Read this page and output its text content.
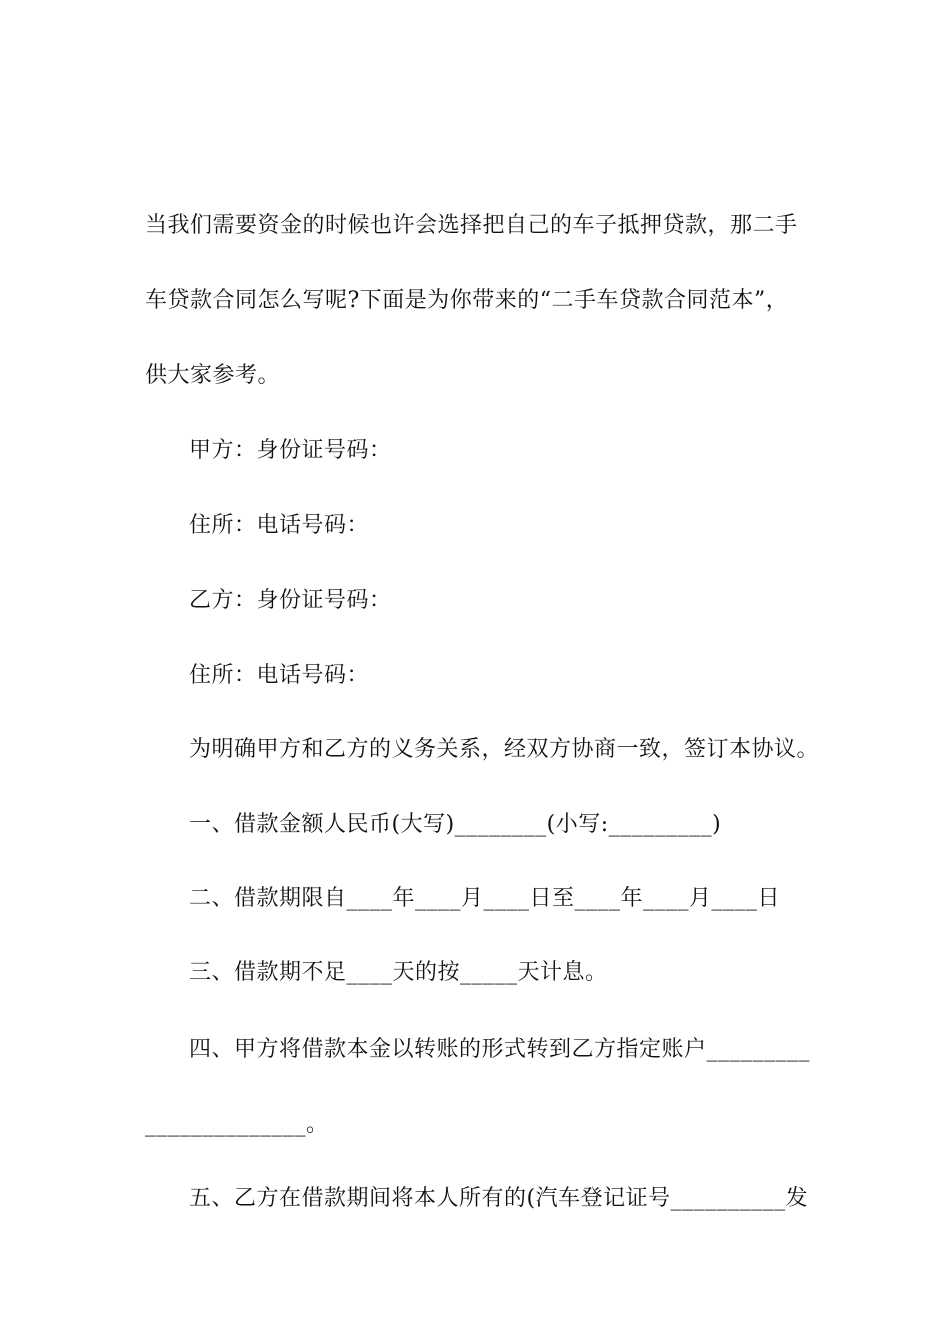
当我们需要资金的时候也许会选择把自己的车子抵押贷款，那二手
车贷款合同怎么写呢?下面是为你带来的“二手车贷款合同范本”，
供大家参考。
甲方：身份证号码：
住所：电话号码：
乙方：身份证号码：
住所：电话号码：
为明确甲方和乙方的义务关系，经双方协商一致，签订本协议。
一、借款金额人民币(大写)________(小写:_________)
二、借款期限自____年____月____日至____年____月____日
三、借款期不足____天的按_____天计息。
四、甲方将借款本金以转账的形式转到乙方指定账户_________
______________。
五、乙方在借款期间将本人所有的(汽车登记证号__________发
